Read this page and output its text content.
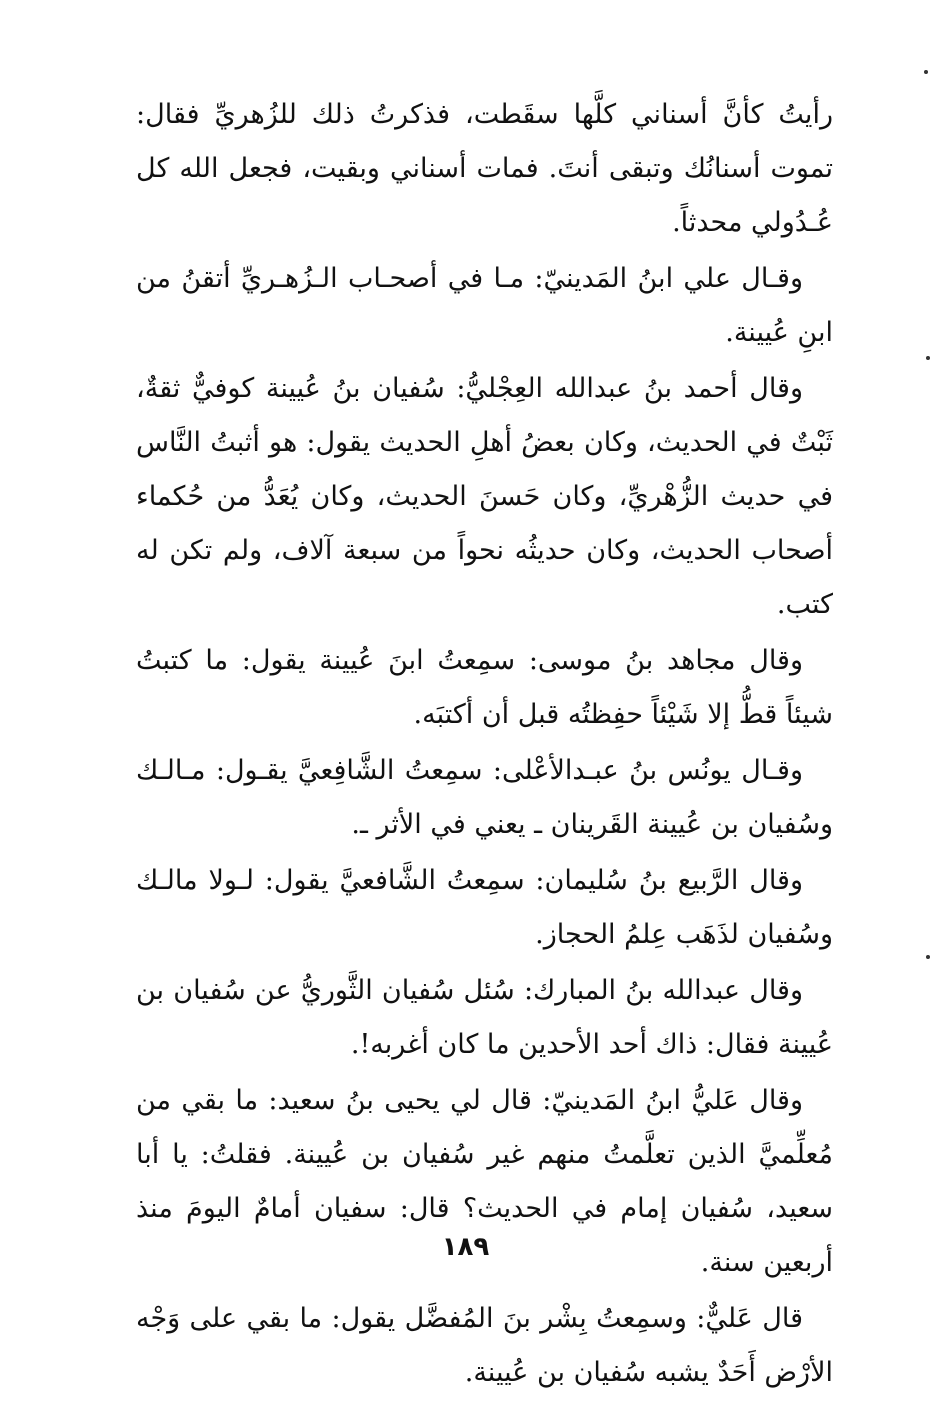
رأيتُ كأنَّ أسناني كلَّها سقَطت، فذكرتُ ذلك للزُهريِّ فقال: تموت أسنانُك وتبقى أنتَ. فمات أسناني وبقيت، فجعل الله كل عُـدُولي محدثاً.

وقـال علي ابنُ المَدينيّ: مـا في أصحـاب الـزُهـريِّ أتقنُ من ابنِ عُيينة.

وقال أحمد بنُ عبدالله العِجْليُّ: سُفيان بنُ عُيينة كوفيٌّ ثقةٌ، ثَبْتٌ في الحديث، وكان بعضُ أهلِ الحديث يقول: هو أثبتُ النَّاس في حديث الزُّهْريِّ، وكان حَسنَ الحديث، وكان يُعَدُّ من حُكماء أصحاب الحديث، وكان حديثُه نحواً من سبعة آلاف، ولم تكن له كتب.

وقال مجاهد بنُ موسى: سمِعتُ ابنَ عُيينة يقول: ما كتبتُ شيئاً قطُّ إلا شَيْئاً حفِظتُه قبل أن أكتبَه.

وقـال يونُس بنُ عبـدالأعْلى: سمِعتُ الشَّافِعيَّ يقـول: مـالـك وسُفيان بن عُيينة القَرينان ـ يعني في الأثر ـ.

وقال الرَّبيع بنُ سُليمان: سمِعتُ الشَّافعيَّ يقول: لـولا مالـك وسُفيان لذَهَب عِلمُ الحجاز.

وقال عبدالله بنُ المبارك: سُئل سُفيان الثَّوريُّ عن سُفيان بن عُيينة فقال: ذاك أحد الأحدين ما كان أغربه!.

وقال عَليُّ ابنُ المَدينيّ: قال لي يحيى بنُ سعيد: ما بقي من مُعلِّميَّ الذين تعلَّمتُ منهم غير سُفيان بن عُيينة. فقلتُ: يا أبا سعيد، سُفيان إمام في الحديث؟ قال: سفيان أمامٌ اليومَ منذ أربعين سنة.

قال عَليٌّ: وسمِعتُ بِشْر بنَ المُفضَّل يقول: ما بقي على وَجْه الأرْض أَحَدٌ يشبه سُفيان بن عُيينة.

١٨٩
